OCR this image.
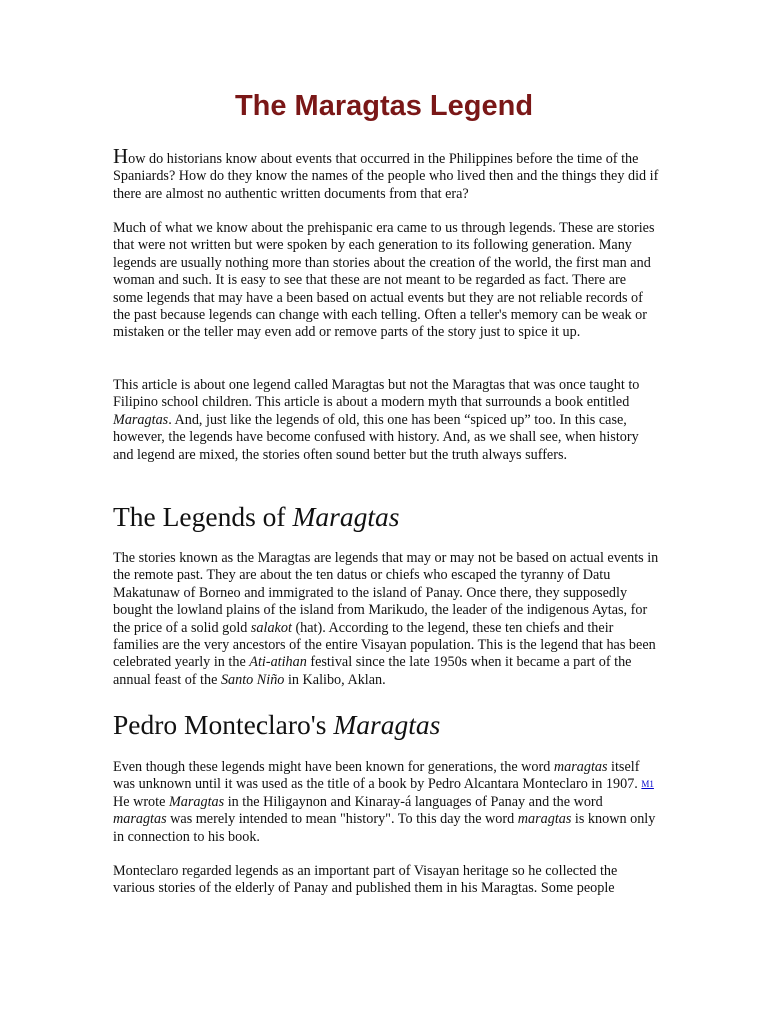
The Maragtas Legend

How do historians know about events that occurred in the Philippines before the time of the Spaniards? How do they know the names of the people who lived then and the things they did if there are almost no authentic written documents from that era?

Much of what we know about the prehispanic era came to us through legends. These are stories that were not written but were spoken by each generation to its following generation. Many legends are usually nothing more than stories about the creation of the world, the first man and woman and such. It is easy to see that these are not meant to be regarded as fact. There are some legends that may have a been based on actual events but they are not reliable records of the past because legends can change with each telling. Often a teller's memory can be weak or mistaken or the teller may even add or remove parts of the story just to spice it up.

This article is about one legend called Maragtas but not the Maragtas that was once taught to Filipino school children. This article is about a modern myth that surrounds a book entitled Maragtas. And, just like the legends of old, this one has been “spiced up” too. In this case, however, the legends have become confused with history. And, as we shall see, when history and legend are mixed, the stories often sound better but the truth always suffers.

The Legends of Maragtas

The stories known as the Maragtas are legends that may or may not be based on actual events in the remote past. They are about the ten datus or chiefs who escaped the tyranny of Datu Makatunaw of Borneo and immigrated to the island of Panay. Once there, they supposedly bought the lowland plains of the island from Marikudo, the leader of the indigenous Aytas, for the price of a solid gold salakot (hat). According to the legend, these ten chiefs and their families are the very ancestors of the entire Visayan population. This is the legend that has been celebrated yearly in the Ati-atihan festival since the late 1950s when it became a part of the annual feast of the Santo Niño in Kalibo, Aklan.

Pedro Monteclaro's Maragtas

Even though these legends might have been known for generations, the word maragtas itself was unknown until it was used as the title of a book by Pedro Alcantara Monteclaro in 1907. M1 He wrote Maragtas in the Hiligaynon and Kinaray-á languages of Panay and the word maragtas was merely intended to mean "history". To this day the word maragtas is known only in connection to his book.

Monteclaro regarded legends as an important part of Visayan heritage so he collected the various stories of the elderly of Panay and published them in his Maragtas. Some people
